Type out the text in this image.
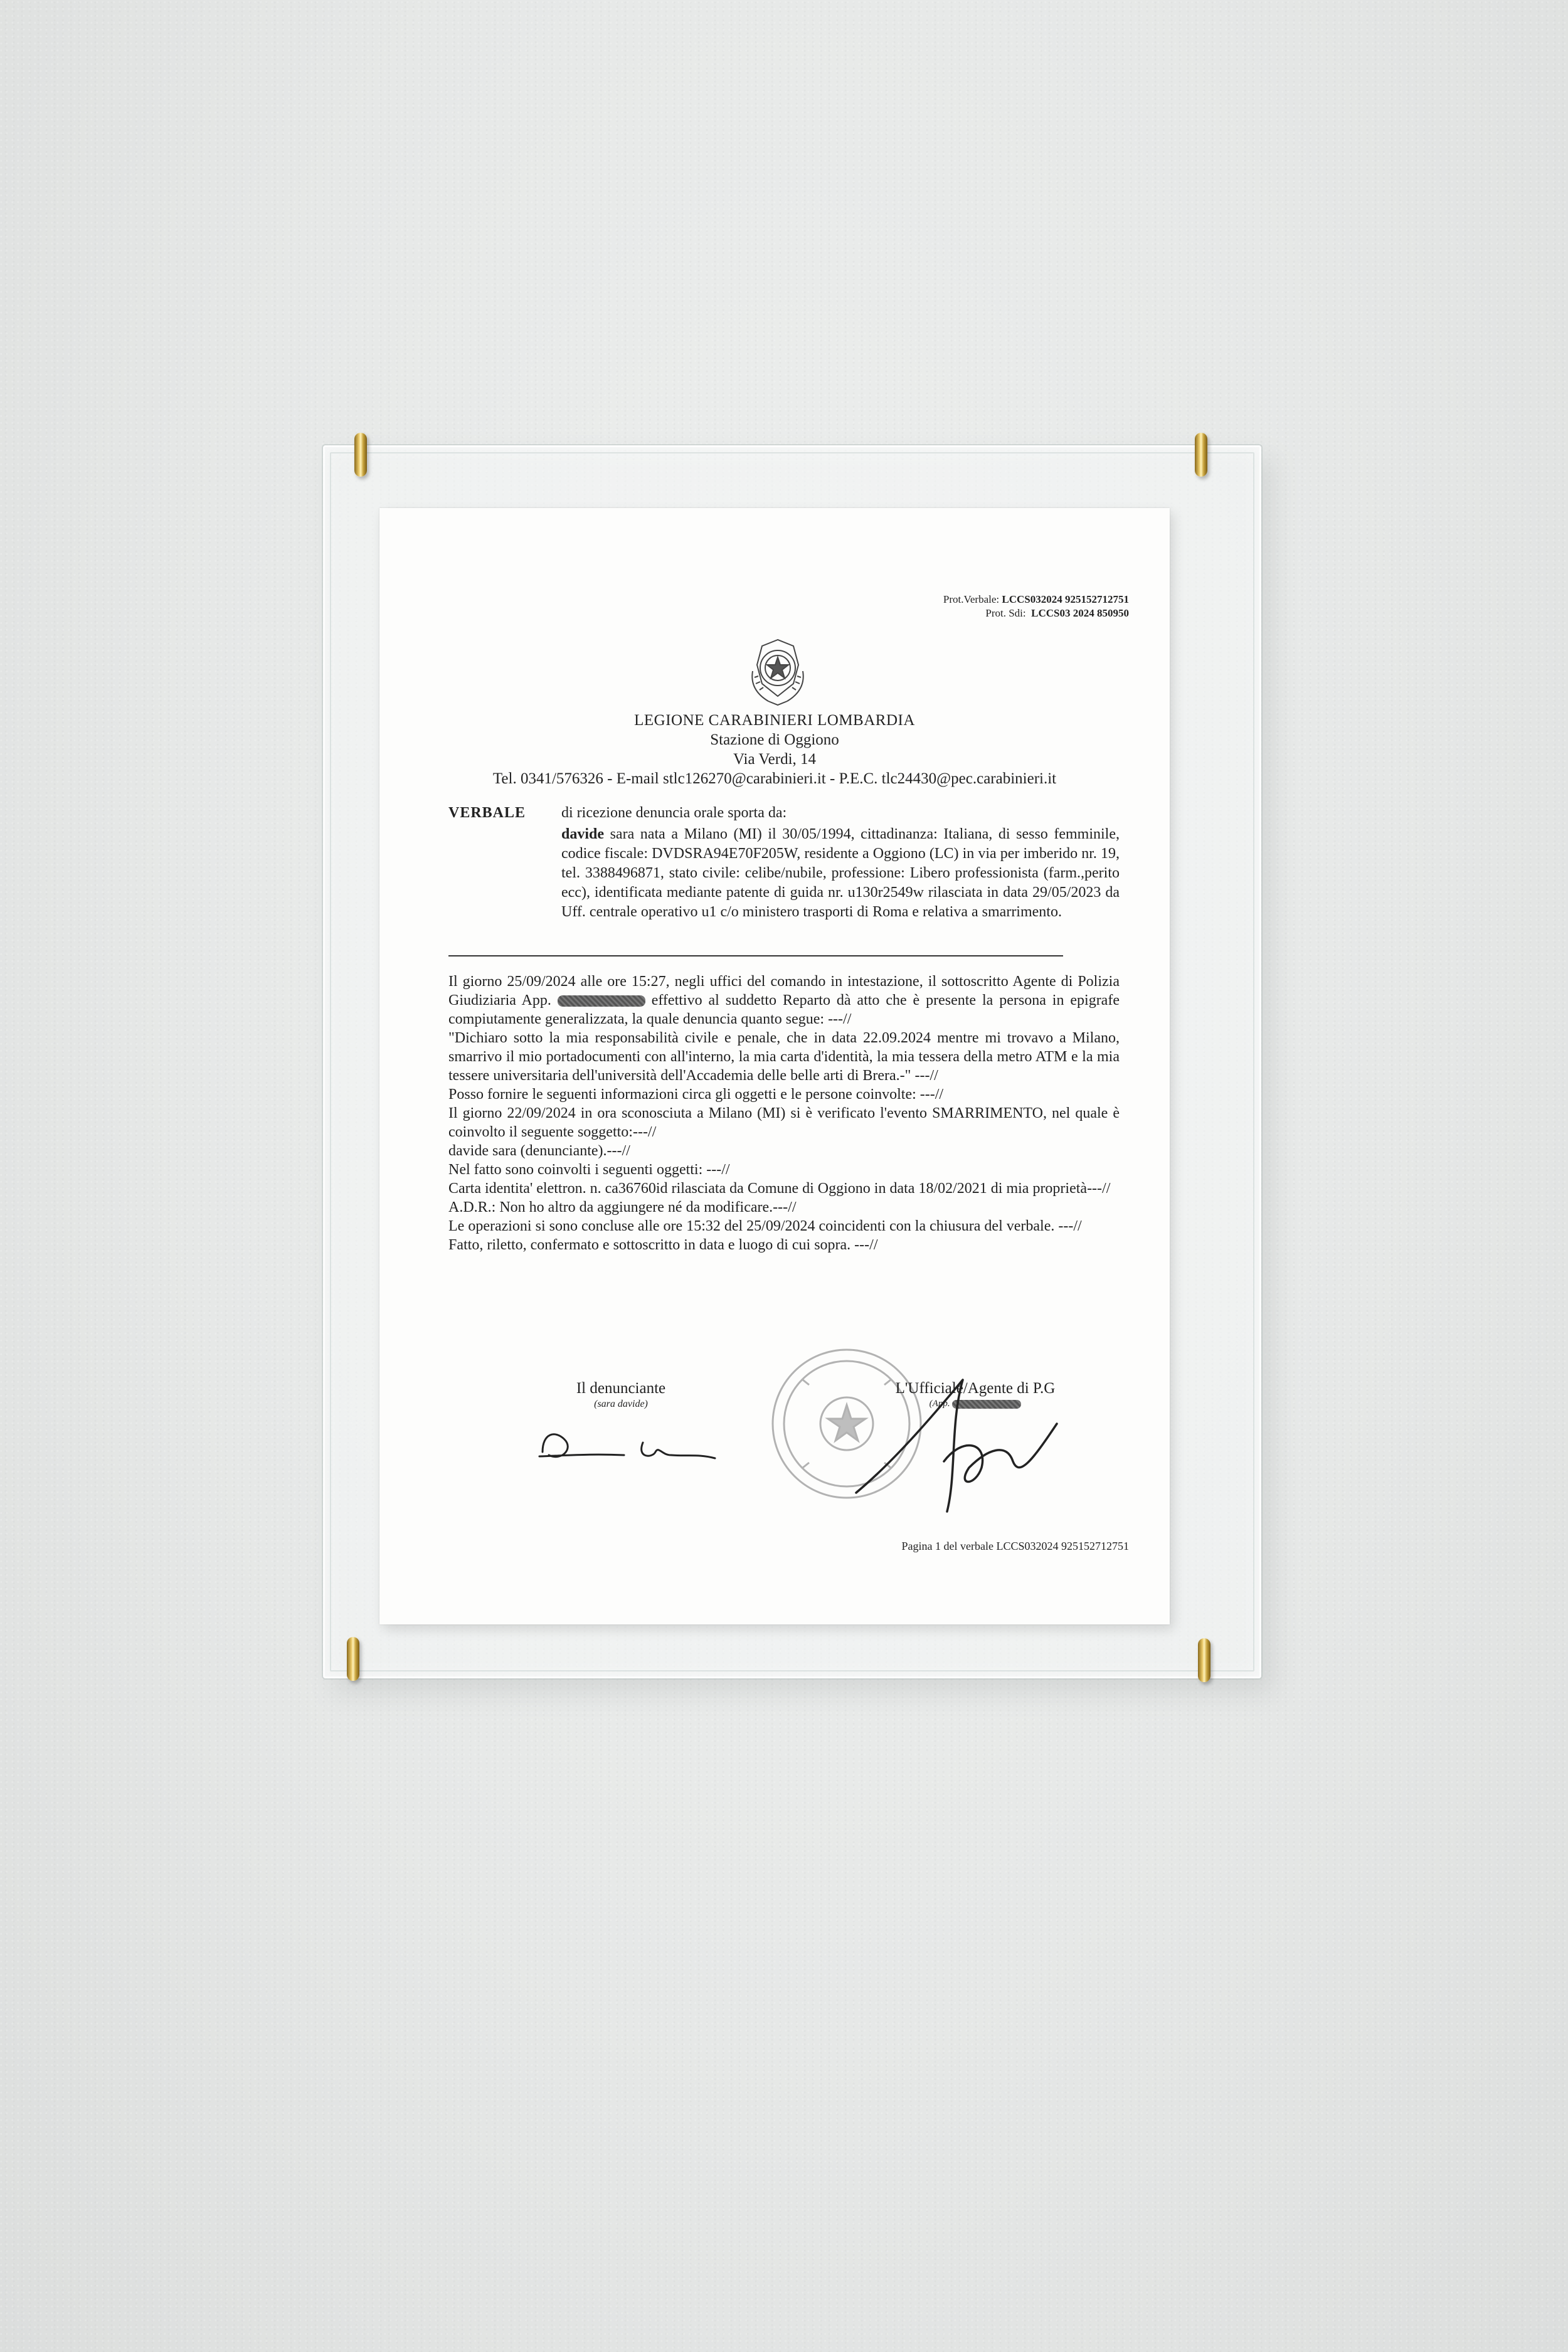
Prot.Verbale: LCCS032024 925152712751
Prot. Sdi: LCCS03 2024 850950
LEGIONE CARABINIERI LOMBARDIA
Stazione di Oggiono
Via Verdi, 14
Tel. 0341/576326 - E-mail stlc126270@carabinieri.it - P.E.C. tlc24430@pec.carabinieri.it
VERBALE di ricezione denuncia orale sporta da:
davide sara nata a Milano (MI) il 30/05/1994, cittadinanza: Italiana, di sesso femminile, codice fiscale: DVDSRA94E70F205W, residente a Oggiono (LC) in via per imberido nr. 19, tel. 3388496871, stato civile: celibe/nubile, professione: Libero professionista (farm.,perito ecc), identificata mediante patente di guida nr. u130r2549w rilasciata in data 29/05/2023 da Uff. centrale operativo u1 c/o ministero trasporti di Roma e relativa a smarrimento.

Il giorno 25/09/2024 alle ore 15:27, negli uffici del comando in intestazione, il sottoscritto Agente di Polizia Giudiziaria App.	effettivo al suddetto Reparto dà atto che è presente la persona in epigrafe compiutamente generalizzata, la quale denuncia quanto segue: ---//

"Dichiaro sotto la mia responsabilità civile e penale, che in data 22.09.2024 mentre mi trovavo a Milano, smarrivo il mio portadocumenti con all'interno, la mia carta d'identità, la mia tessera della metro ATM e la mia tessere universitaria dell'università dell'Accademia delle belle arti di Brera.-" ---//

Posso fornire le seguenti informazioni circa gli oggetti e le persone coinvolte: ---//

Il giorno 22/09/2024 in ora sconosciuta a Milano (MI) si è verificato l'evento SMARRIMENTO, nel quale è coinvolto il seguente soggetto:---//

davide sara (denunciante).---//

Nel fatto sono coinvolti i seguenti oggetti: ---//

Carta identita' elettron. n. ca36760id rilasciata da Comune di Oggiono in data 18/02/2021 di mia proprietà---//

A.D.R.: Non ho altro da aggiungere né da modificare.---//

Le operazioni si sono concluse alle ore 15:32 del 25/09/2024 coincidenti con la chiusura del verbale. ---//

Fatto, riletto, confermato e sottoscritto in data e luogo di cui sopra. ---//

Il denunciante
(sara davide)
L'Ufficiale/Agente di P.G
(App.
Pagina 1 del verbale LCCS032024 925152712751
